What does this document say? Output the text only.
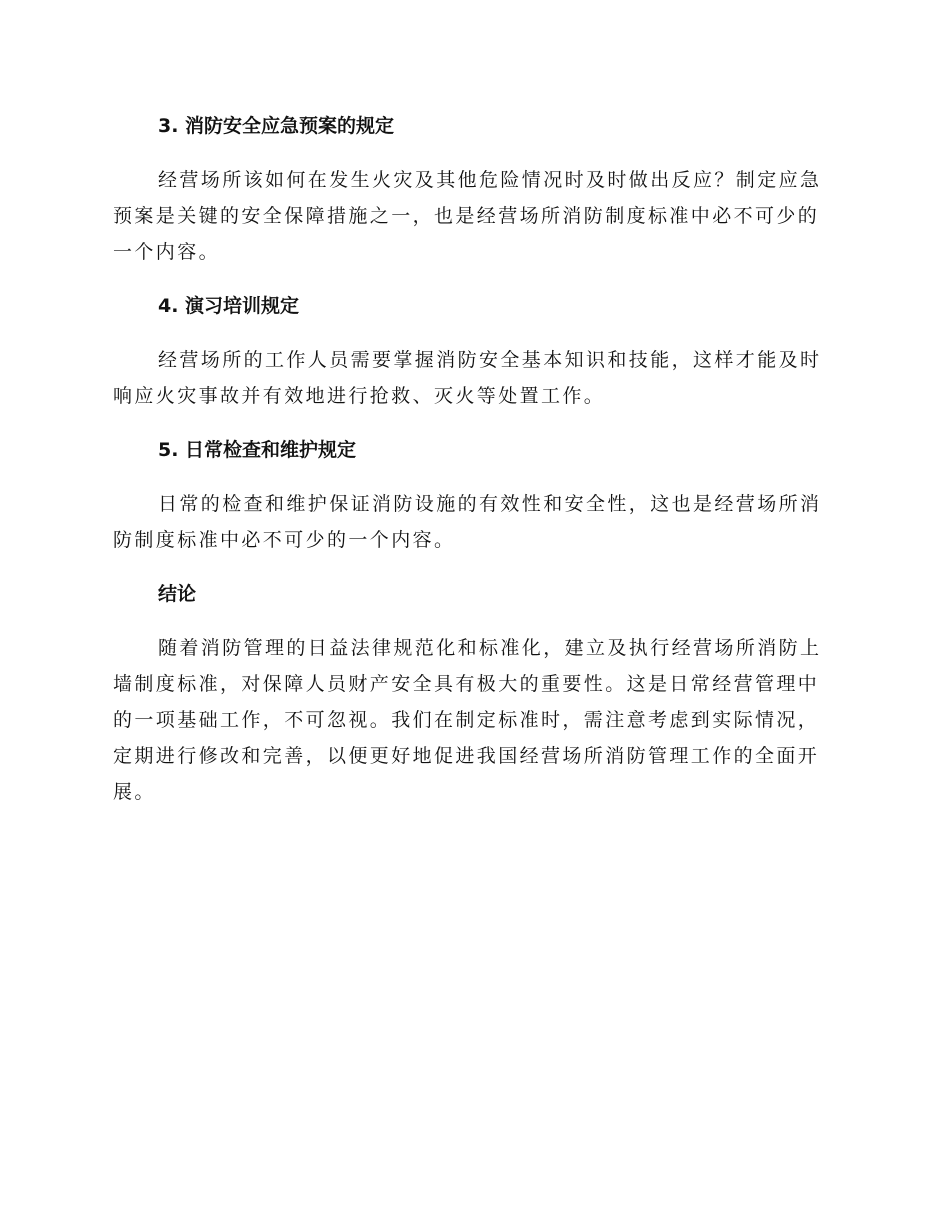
3. 消防安全应急预案的规定
经营场所该如何在发生火灾及其他危险情况时及时做出反应？制定应急
预案是关键的安全保障措施之一，也是经营场所消防制度标准中必不可少的
一个内容。
4. 演习培训规定
经营场所的工作人员需要掌握消防安全基本知识和技能，这样才能及时
响应火灾事故并有效地进行抢救、灭火等处置工作。
5. 日常检查和维护规定
日常的检查和维护保证消防设施的有效性和安全性，这也是经营场所消
防制度标准中必不可少的一个内容。
结论
随着消防管理的日益法律规范化和标准化，建立及执行经营场所消防上
墙制度标准，对保障人员财产安全具有极大的重要性。这是日常经营管理中
的一项基础工作，不可忽视。我们在制定标准时，需注意考虑到实际情况，
定期进行修改和完善，以便更好地促进我国经营场所消防管理工作的全面开
展。
